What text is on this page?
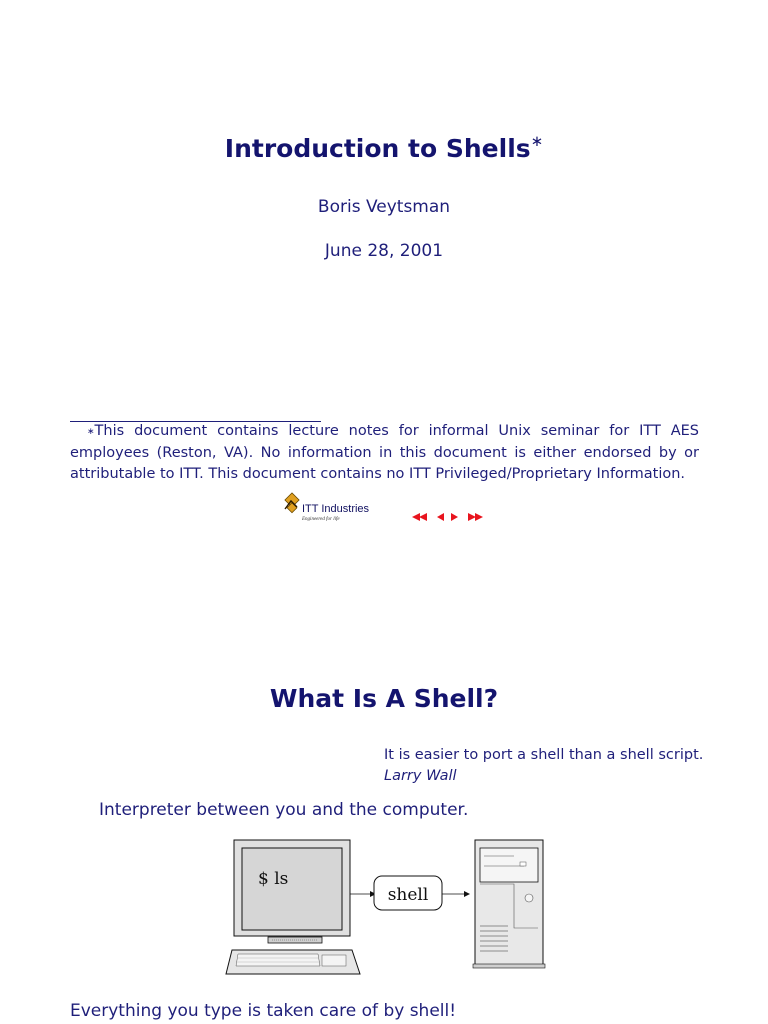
Introduction to Shells∗
Boris Veytsman
June 28, 2001
∗This document contains lecture notes for informal Unix seminar for ITT AES employees (Reston, VA). No information in this document is either endorsed by or attributable to ITT. This document contains no ITT Privileged/Proprietary Information.
ITT Industries
Engineered for life
What Is A Shell?
It is easier to port a shell than a shell script.
Larry Wall
Interpreter between you and the computer.
$ ls
shell
Everything you type is taken care of by shell!
